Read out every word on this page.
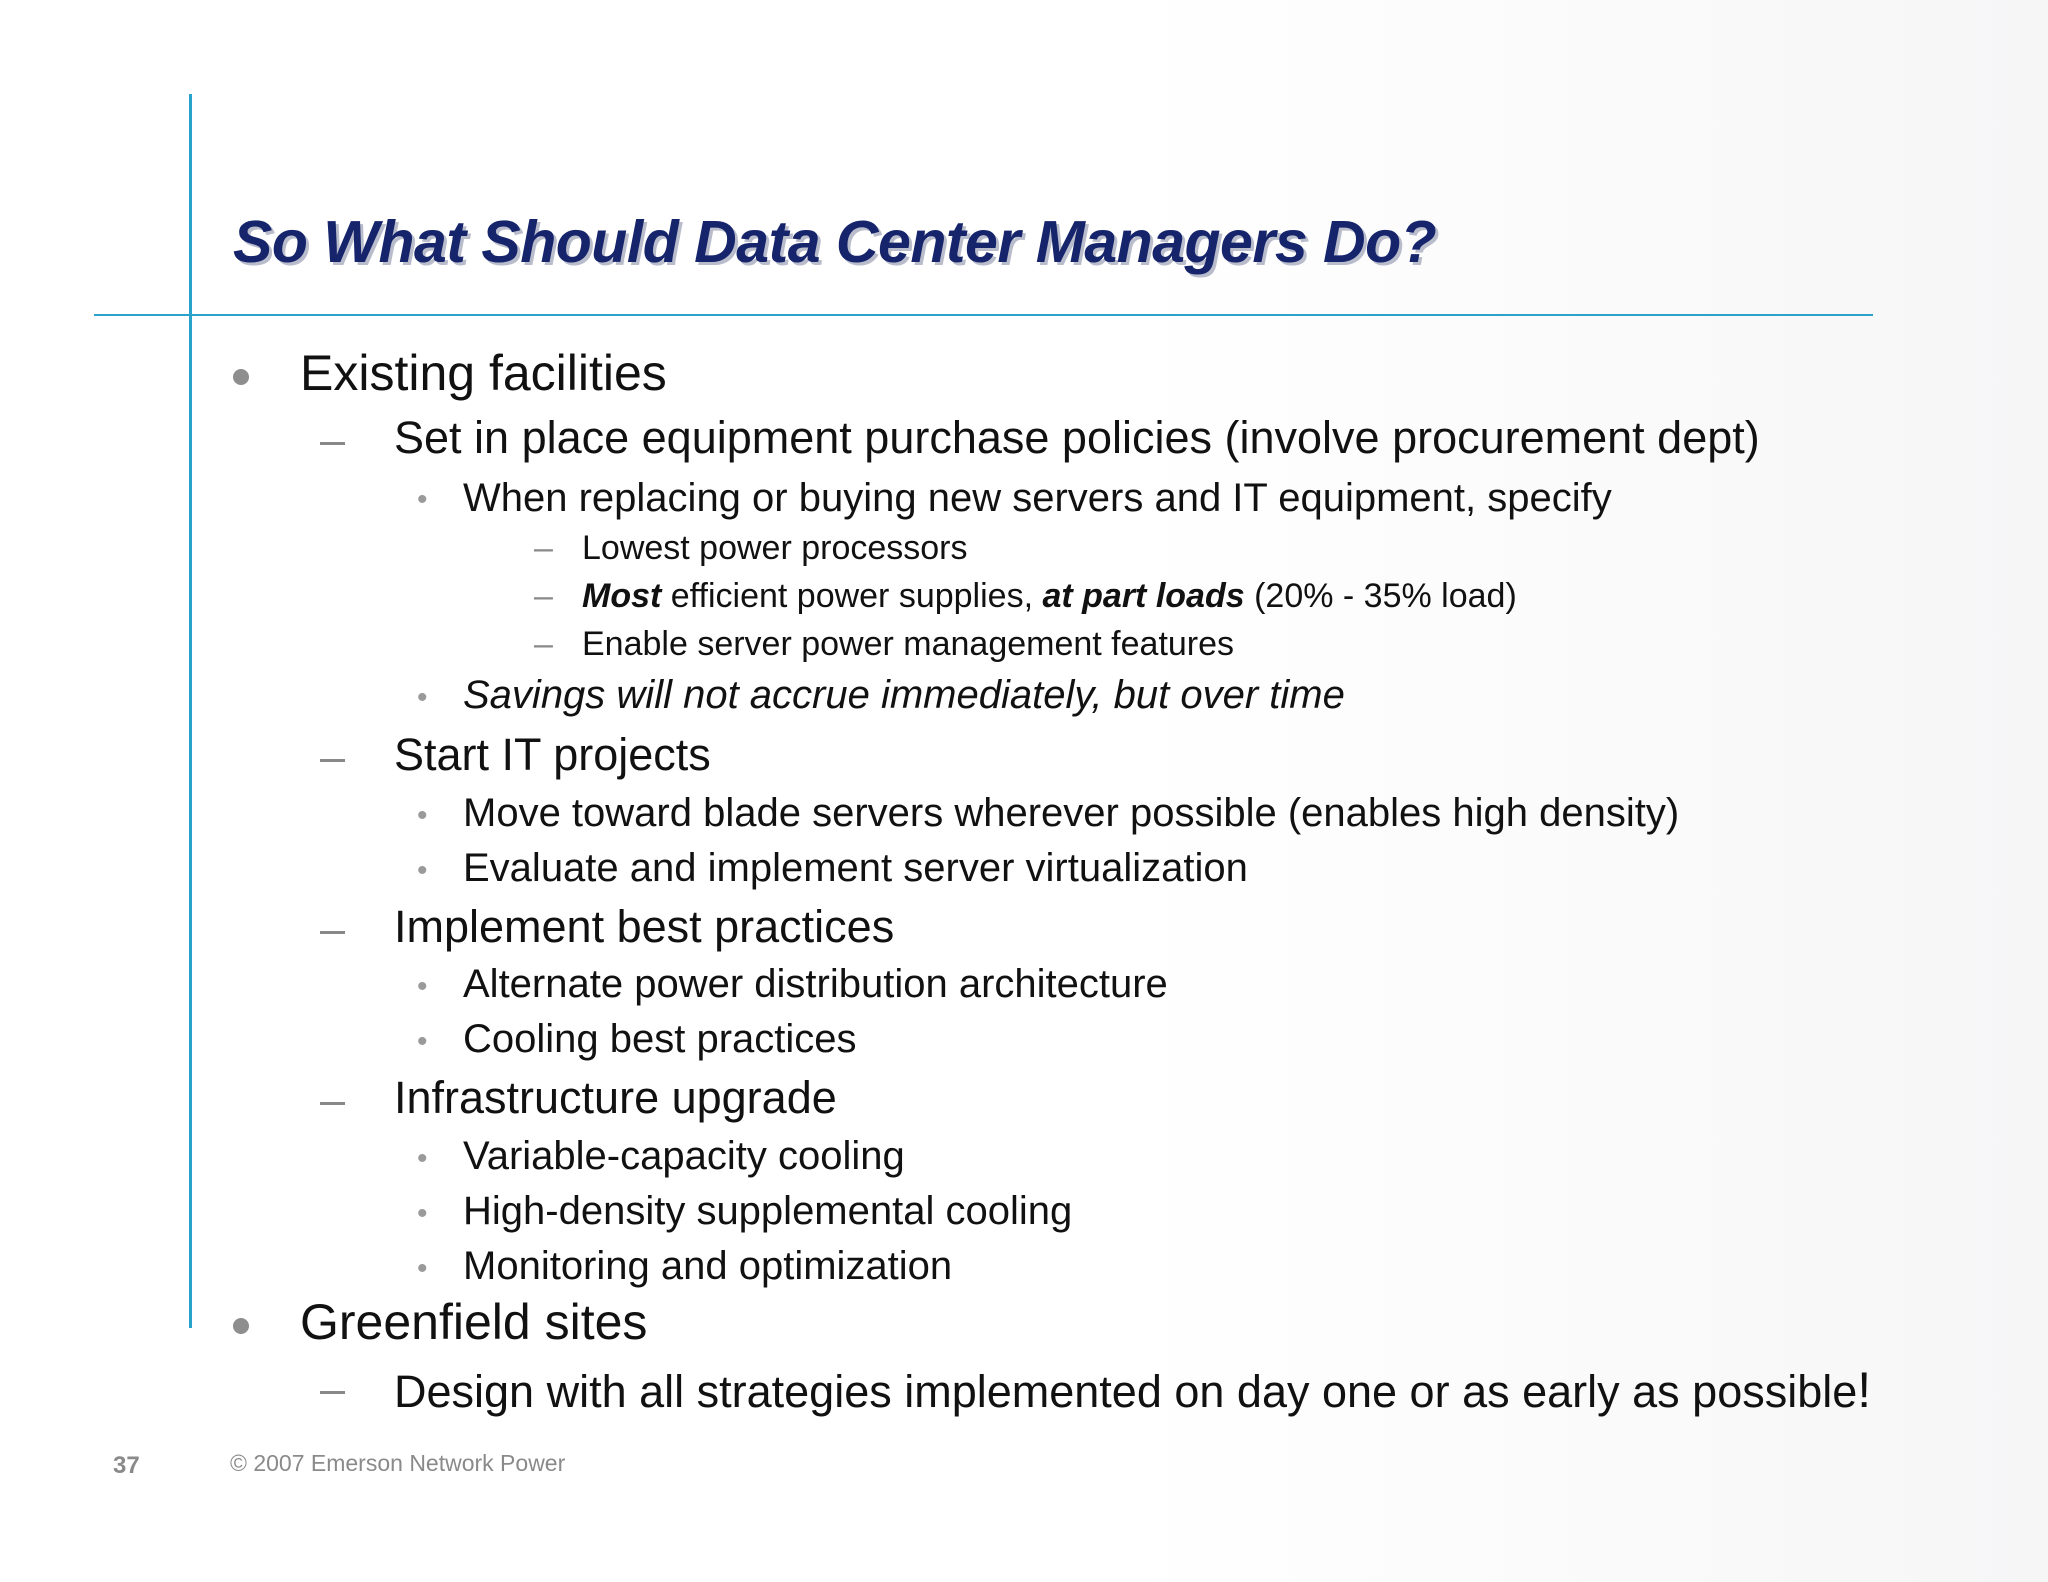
So What Should Data Center Managers Do?
Existing facilities
– Set in place equipment purchase policies (involve procurement dept)
• When replacing or buying new servers and IT equipment, specify
– Lowest power processors
– Most efficient power supplies, at part loads (20% - 35% load)
– Enable server power management features
• Savings will not accrue immediately, but over time
– Start IT projects
• Move toward blade servers wherever possible (enables high density)
• Evaluate and implement server virtualization
– Implement best practices
• Alternate power distribution architecture
• Cooling best practices
– Infrastructure upgrade
• Variable-capacity cooling
• High-density supplemental cooling
• Monitoring and optimization
Greenfield sites
– Design with all strategies implemented on day one or as early as possible!
37	© 2007 Emerson Network Power
